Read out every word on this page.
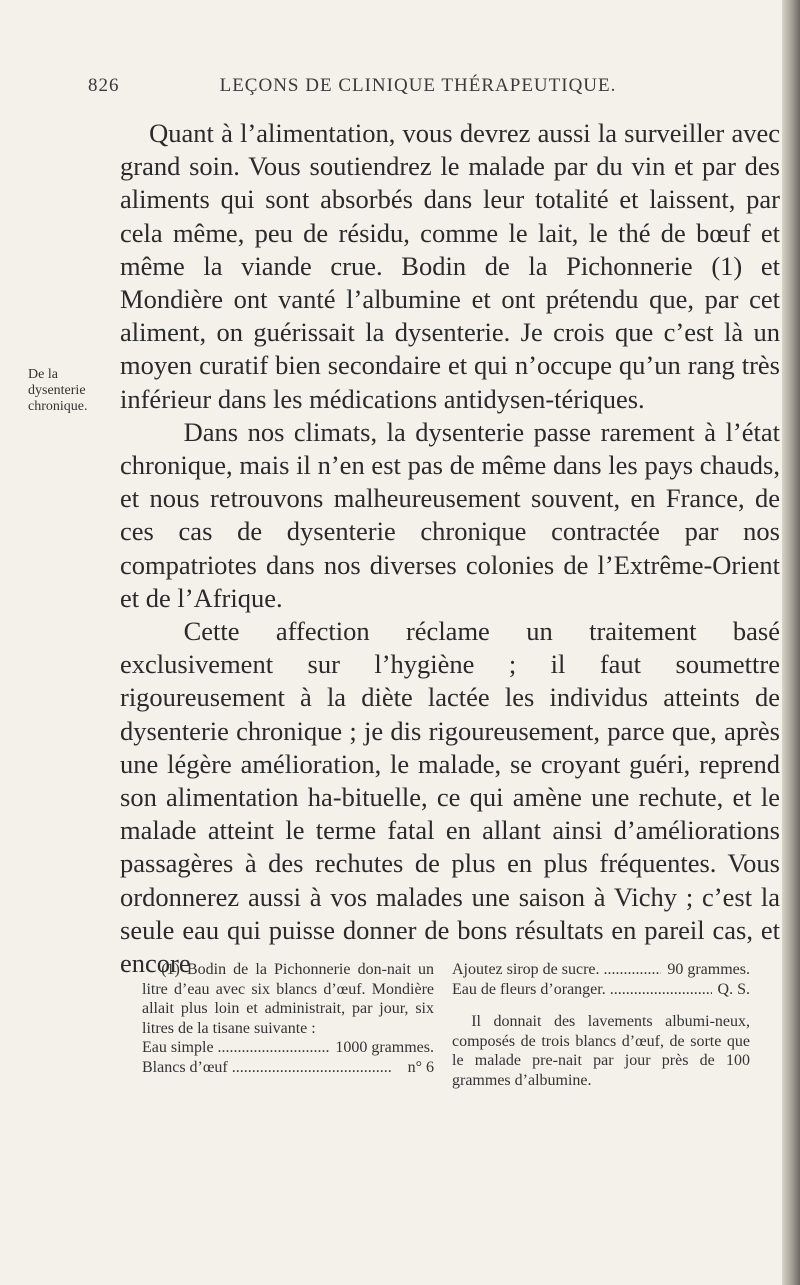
826	LEÇONS DE CLINIQUE THÉRAPEUTIQUE.
De la
dysenterie
chronique.

Quant à l’alimentation, vous devrez aussi la surveiller avec grand soin. Vous soutiendrez le malade par du vin et par des aliments qui sont absorbés dans leur totalité et laissent, par cela même, peu de résidu, comme le lait, le thé de bœuf et même la viande crue. Bodin de la Pichonnerie (1) et Mondière ont vanté l’albumine et ont prétendu que, par cet aliment, on guérissait la dysenterie. Je crois que c’est là un moyen curatif bien secondaire et qui n’occupe qu’un rang très inférieur dans les médications antidysen-tériques.

Dans nos climats, la dysenterie passe rarement à l’état chronique, mais il n’en est pas de même dans les pays chauds, et nous retrouvons malheureusement souvent, en France, de ces cas de dysenterie chronique contractée par nos compatriotes dans nos diverses colonies de l’Extrême-Orient et de l’Afrique.

Cette affection réclame un traitement basé exclusivement sur l’hygiène ; il faut soumettre rigoureusement à la diète lactée les individus atteints de dysenterie chronique ; je dis rigoureusement, parce que, après une légère amélioration, le malade, se croyant guéri, reprend son alimentation ha-bituelle, ce qui amène une rechute, et le malade atteint le terme fatal en allant ainsi d’améliorations passagères à des rechutes de plus en plus fréquentes. Vous ordonnerez aussi à vos malades une saison à Vichy ; c’est la seule eau qui puisse donner de bons résultats en pareil cas, et encore

(1) Bodin de la Pichonnerie don-nait un litre d’eau avec six blancs d’œuf. Mondière allait plus loin et administrait, par jour, six litres de la tisane suivante :

Eau simple .....	1000 grammes.
Blancs d’œuf .....	n° 6
Ajoutez sirop de sucre. .....	90 grammes.
Eau de fleurs d’oranger. .....	Q. S.

Il donnait des lavements albumi-neux, composés de trois blancs d’œuf, de sorte que le malade pre-nait par jour près de 100 grammes d’albumine.
